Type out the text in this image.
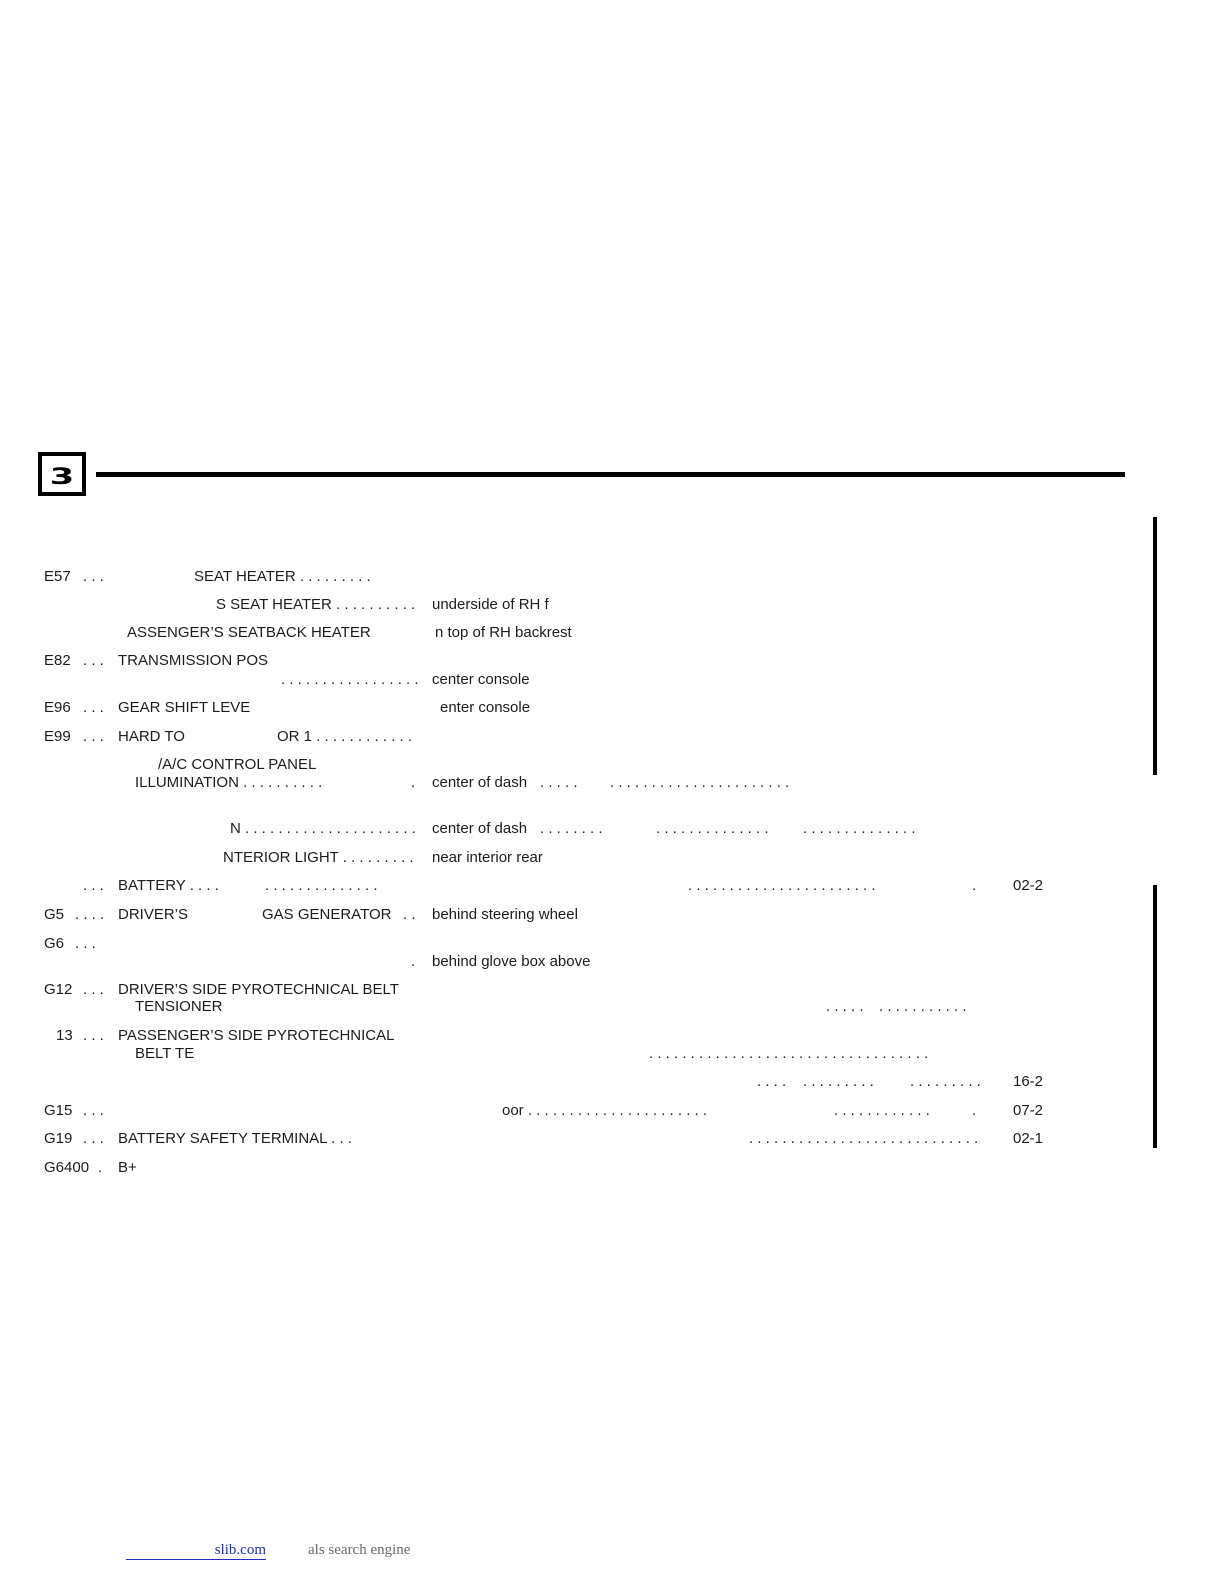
3
E57 . . .	SEAT HEATER . . . . . . . . .
S SEAT HEATER . . . . . . . . . . underside of RH f
ASSENGER’S SEATBACK HEATER	n top of RH backrest
E82 . . . TRANSMISSION POS
. . . . . . . . . . . . . . . . . center console
E96 . . . GEAR SHIFT LEVE	enter console
E99 . . . HARD TO	OR 1 . . . . . . . . . . . .
/A/C CONTROL PANEL
ILLUMINATION . . . . . . . . . .	. center of dash . . . . . . . . . . . . . . . . . . . . . . . . . . .
N . . . . . . . . . . . . . . . . . . . . . center of dash . . . . . . . .	. . . . . . . . . . . . . . . . . . . . . . . . . . . .
NTERIOR LIGHT . . . . . . . . . near interior rear
. . . BATTERY . . . .	. . . . . . . . . . . . . .	. . . . . . . . . . . . . . . . . . . . . . .	. 02-2
G5 . . . . DRIVER’S	GAS GENERATOR . . behind steering wheel
G6 . . .
. behind glove box above
G12 . . . DRIVER’S SIDE PYROTECHNICAL BELT
TENSIONER	. . . . . . . . . . . . . . . .
13 . . . PASSENGER’S SIDE PYROTECHNICAL
BELT TE	. . . . . . . . . . . . . . . . . . . . . . . . . . . . . . . . . .
. . . . . . . . . . . . . . . . . . . . . . 16-2
G15 . . .	oor . . . . . . . . . . . . . . . . . . . . . .	. . . . . . . . . . . .	. 07-2
G19 . . . BATTERY SAFETY TERMINAL . . .	. . . . . . . . . . . . . . . . . . . . . . . . . . . . 02-1
G6400 . B+
slib.com	als search engine
